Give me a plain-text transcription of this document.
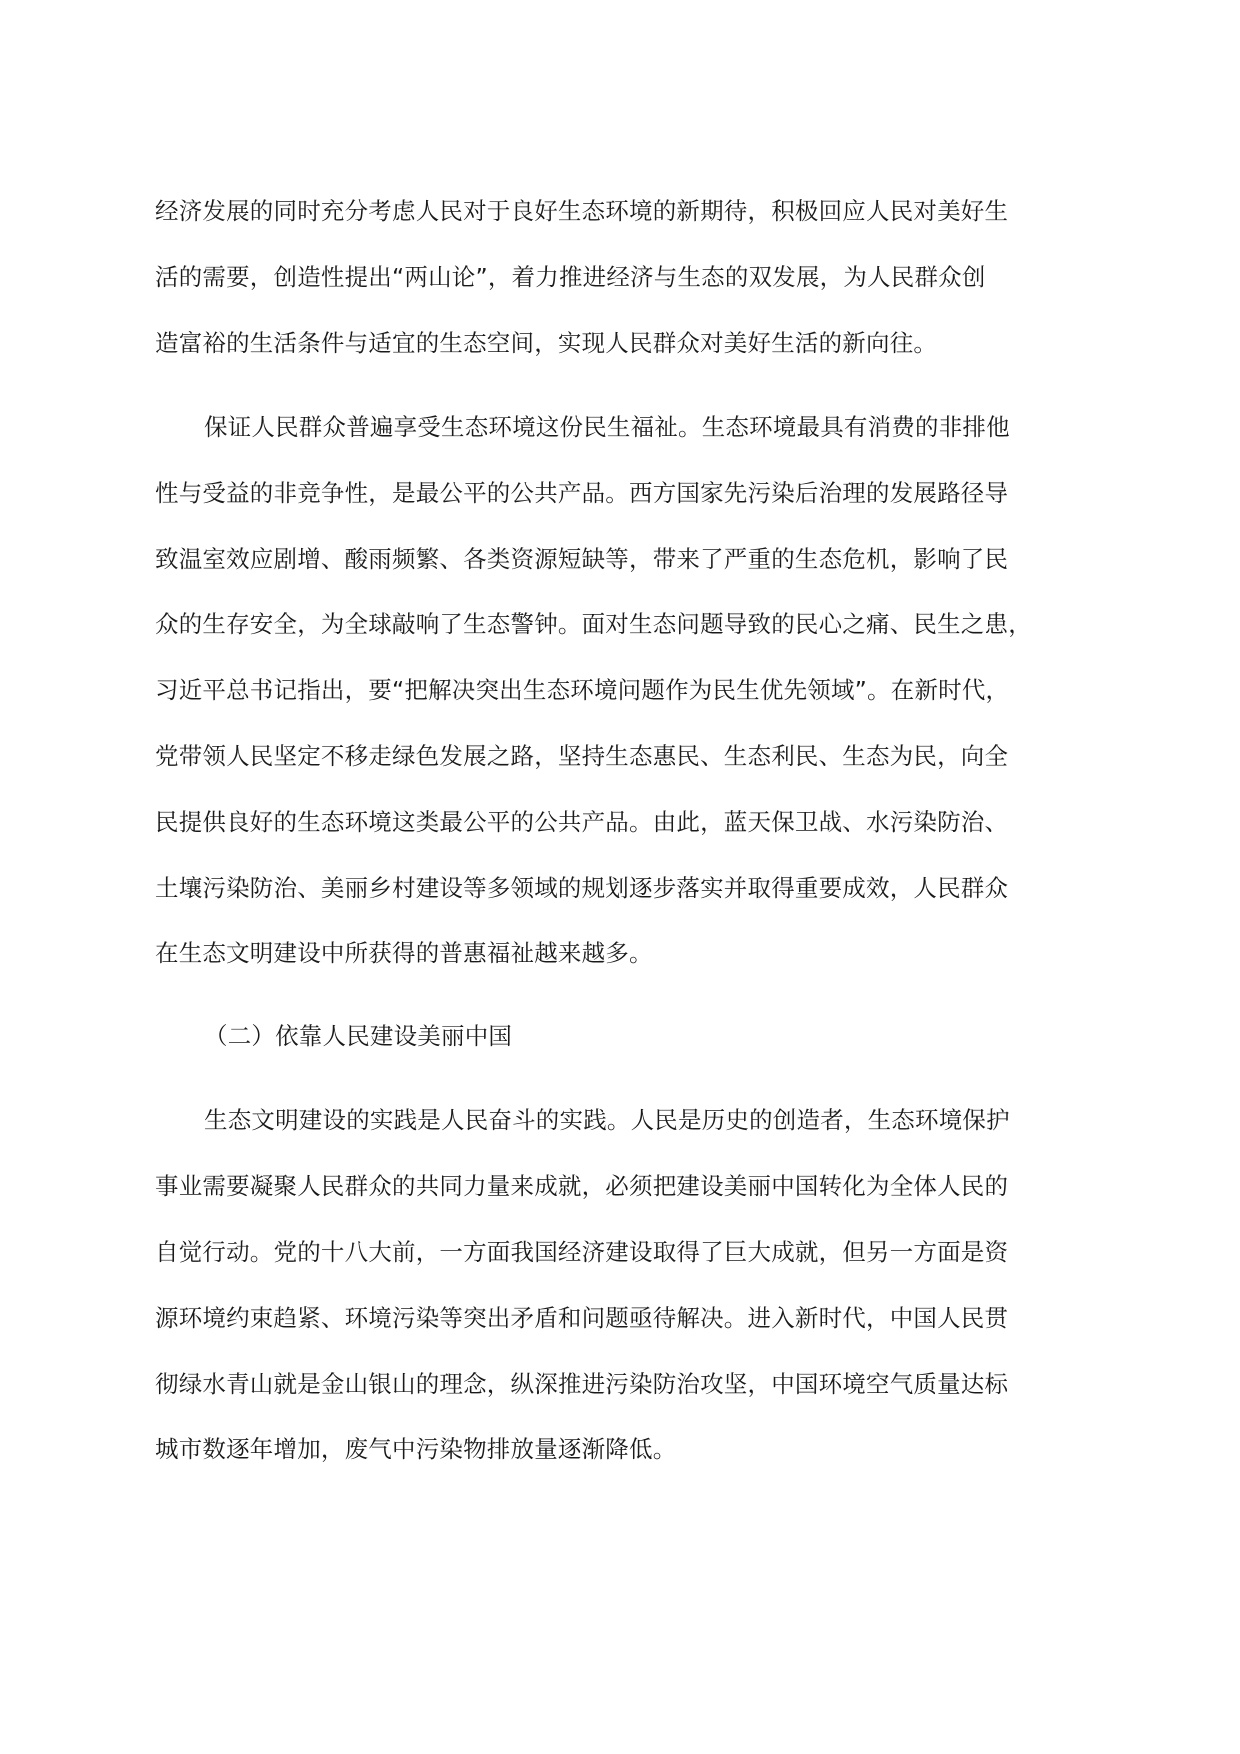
经济发展的同时充分考虑人民对于良好生态环境的新期待，积极回应人民对美好生
活的需要，创造性提出“两山论”，着力推进经济与生态的双发展，为人民群众创
造富裕的生活条件与适宜的生态空间，实现人民群众对美好生活的新向往。
保证人民群众普遍享受生态环境这份民生福祉。生态环境最具有消费的非排他
性与受益的非竞争性，是最公平的公共产品。西方国家先污染后治理的发展路径导
致温室效应剧增、酸雨频繁、各类资源短缺等，带来了严重的生态危机，影响了民
众的生存安全，为全球敲响了生态警钟。面对生态问题导致的民心之痛、民生之患，
习近平总书记指出，要“把解决突出生态环境问题作为民生优先领域”。在新时代，
党带领人民坚定不移走绿色发展之路，坚持生态惠民、生态利民、生态为民，向全
民提供良好的生态环境这类最公平的公共产品。由此，蓝天保卫战、水污染防治、
土壤污染防治、美丽乡村建设等多领域的规划逐步落实并取得重要成效，人民群众
在生态文明建设中所获得的普惠福祉越来越多。
（二）依靠人民建设美丽中国
生态文明建设的实践是人民奋斗的实践。人民是历史的创造者，生态环境保护
事业需要凝聚人民群众的共同力量来成就，必须把建设美丽中国转化为全体人民的
自觉行动。党的十八大前，一方面我国经济建设取得了巨大成就，但另一方面是资
源环境约束趋紧、环境污染等突出矛盾和问题亟待解决。进入新时代，中国人民贯
彻绿水青山就是金山银山的理念，纵深推进污染防治攻坚，中国环境空气质量达标
城市数逐年增加，废气中污染物排放量逐渐降低。
